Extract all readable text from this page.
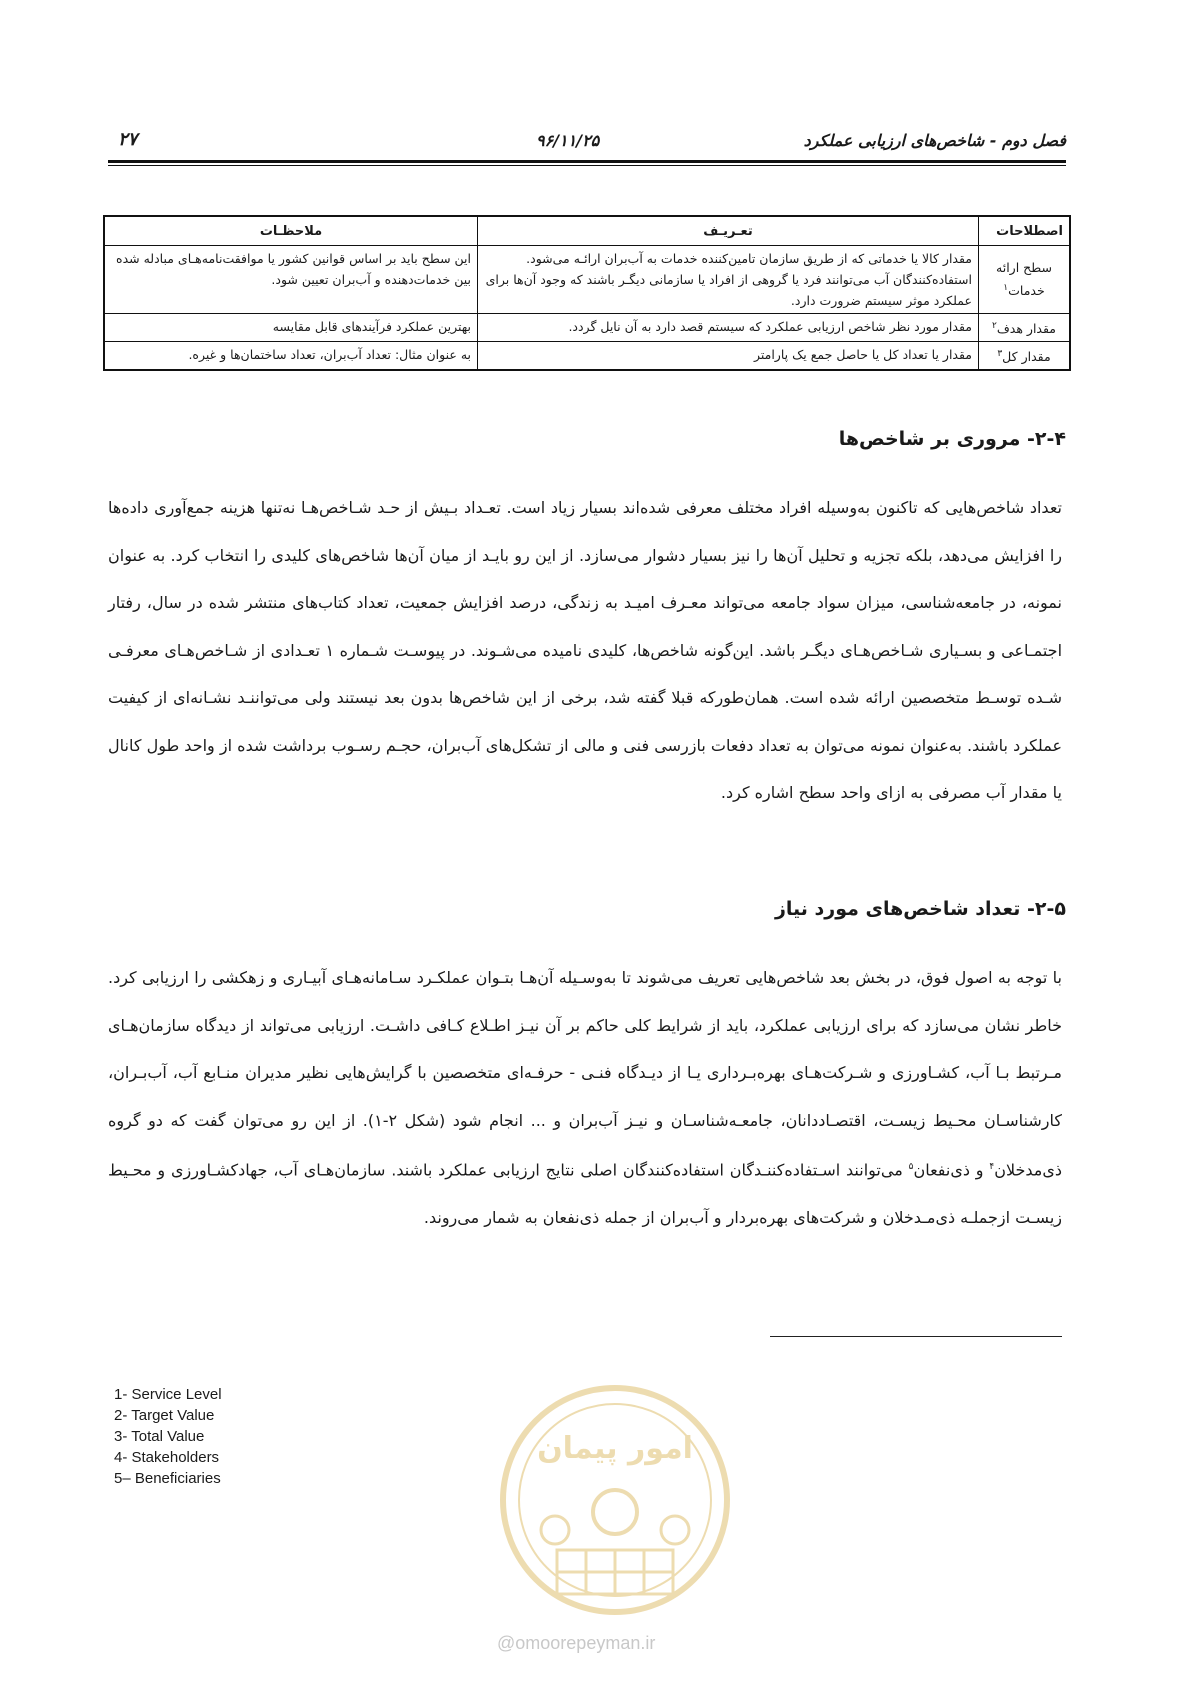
فصل دوم - شاخص‌های ارزیابی عملکرد
۹۶/۱۱/۲۵
۲۷
اصطلاحات	تعـریـف	ملاحظـات
سطح ارائه خدمات$^۱$	مقدار کالا یا خدماتی که از طریق سازمان تامین‌کننده خدمات به آب‌بران ارائـه می‌شود. استفاده‌کنندگان آب می‌توانند فرد یا گروهی از افراد یا سازمانی دیگـر باشند که وجود آن‌ها برای عملکرد موثر سیستم ضرورت دارد.	این سطح باید بر اساس قوانین کشور یا موافقت‌نامه‌هـای مبادله شده بین خدمات‌دهنده و آب‌بران تعیین شود.
مقدار هدف$^۲$	مقدار مورد نظر شاخص ارزیابی عملکرد که سیستم قصد دارد به آن نایل گردد.	بهترین عملکرد فرآیندهای قابل مقایسه
مقدار کل$^۳$	مقدار یا تعداد کل یا حاصل جمع یک پارامتر	به عنوان مثال: تعداد آب‌بران، تعداد ساختمان‌ها و غیره.
۲-۴- مروری بر شاخص‌ها

تعداد شاخص‌هایی که تاکنون به‌وسیله افراد مختلف معرفی شده‌اند بسیار زیاد است. تعـداد بـیش از حـد شـاخص‌هـا نه‌تنها هزینه جمع‌آوری داده‌ها را افزایش می‌دهد، بلکه تجزیه و تحلیل آن‌ها را نیز بسیار دشوار می‌سازد. از این رو بایـد از میان آن‌ها شاخص‌های کلیدی را انتخاب کرد. به عنوان نمونه، در جامعه‌شناسی، میزان سواد جامعه می‌تواند معـرف امیـد به زندگی، درصد افزایش جمعیت، تعداد کتاب‌های منتشر شده در سال، رفتار اجتمـاعی و بسـیاری شـاخص‌هـای دیگـر باشد. این‌گونه شاخص‌ها، کلیدی نامیده می‌شـوند. در پیوسـت شـماره ۱ تعـدادی از شـاخص‌هـای معرفـی شـده توسـط متخصصین ارائه شده است. همان‌طورکه قبلا گفته شد، برخی از این شاخص‌ها بدون بعد نیستند ولی می‌تواننـد نشـانه‌ای از کیفیت عملکرد باشند. به‌عنوان نمونه می‌توان به تعداد دفعات بازرسی فنی و مالی از تشکل‌های آب‌بران، حجـم رسـوب برداشت شده از واحد طول کانال یا مقدار آب مصرفی به ازای واحد سطح اشاره کرد.

۲-۵- تعداد شاخص‌های مورد نیاز

با توجه به اصول فوق، در بخش بعد شاخص‌هایی تعریف می‌شوند تا به‌وسـیله آن‌هـا بتـوان عملکـرد سـامانه‌هـای آبیـاری و زهکشی را ارزیابی کرد. خاطر نشان می‌سازد که برای ارزیابی عملکرد، باید از شرایط کلی حاکم بر آن نیـز اطـلاع کـافی داشـت. ارزیابی می‌تواند از دیدگاه سازمان‌هـای مـرتبط بـا آب، کشـاورزی و شـرکت‌هـای بهره‌بـرداری یـا از دیـدگاه فنـی - حرفـه‌ای متخصصین با گرایش‌هایی نظیر مدیران منـابع آب، آب‌بـران، کارشناسـان محـیط زیسـت، اقتصـاددانان، جامعـه‌شناسـان و نیـز آب‌بران و ... انجام شود (شکل ۲-۱). از این رو می‌توان گفت که دو گروه ذی‌مدخلان$^۴$ و ذی‌نفعان$^۵$ می‌توانند اسـتفاده‌کننـدگان استفاده‌کنندگان اصلی نتایج ارزیابی عملکرد باشند. سازمان‌هـای آب، جهادکشـاورزی و محـیط زیسـت ازجملـه ذی‌مـدخلان و شرکت‌های بهره‌بردار و آب‌بران از جمله ذی‌نفعان به شمار می‌روند.

1- Service Level
2- Target Value
3- Total Value
4- Stakeholders
5– Beneficiaries
امور پیمان
@omoorepeyman.ir
